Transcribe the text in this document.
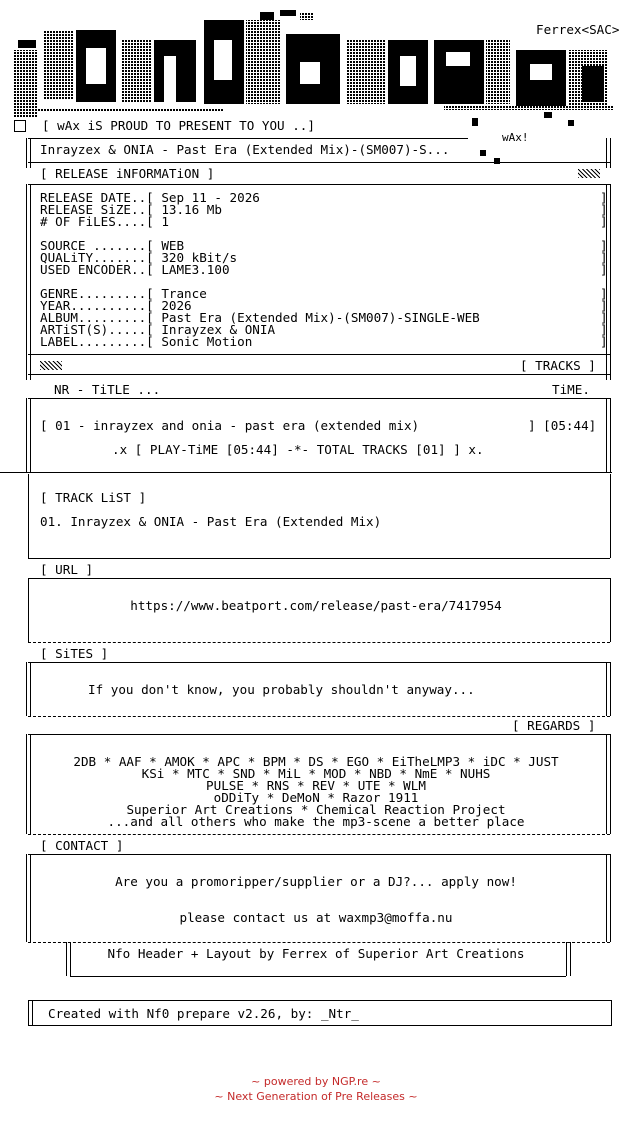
Ferrex<SAC>
[ wAx iS PROUD TO PRESENT TO YOU ..]
wAx!
Inrayzex & ONIA - Past Era (Extended Mix)-(SM007)-S...
[ RELEASE iNFORMATiON ]
RELEASE DATE..[ Sep 11 - 2026
RELEASE SiZE..[ 13.16 Mb
# OF FiLES....[ 1
SOURCE .......[ WEB
QUALiTY.......[ 320 kBit/s
USED ENCODER..[ LAME3.100
GENRE.........[ Trance
YEAR..........[ 2026
ALBUM.........[ Past Era (Extended Mix)-(SM007)-SINGLE-WEB
ARTiST(S).....[ Inrayzex & ONIA
LABEL.........[ Sonic Motion
]
]
]

]
]
]

]
]
]
]
]
[ TRACKS ]
NR - TiTLE ...	TiME.
[ 01 - inrayzex and onia - past era (extended mix)	] [05:44]
.x [ PLAY-TiME [05:44] -*- TOTAL TRACKS [01] ] x.
[ TRACK LiST ]
01. Inrayzex & ONIA - Past Era (Extended Mix)
[ URL ]
https://www.beatport.com/release/past-era/7417954
[ SiTES ]
If you don't know, you probably shouldn't anyway...
[ REGARDS ]
2DB * AAF * AMOK * APC * BPM * DS * EGO * EiTheLMP3 * iDC * JUST
KSi * MTC * SND * MiL * MOD * NBD * NmE * NUHS
PULSE * RNS * REV * UTE * WLM
oDDiTy * DeMoN * Razor 1911
Superior Art Creations * Chemical Reaction Project
...and all others who make the mp3-scene a better place
[ CONTACT ]
Are you a promoripper/supplier or a DJ?... apply now!
please contact us at waxmp3@moffa.nu
Nfo Header + Layout by Ferrex of Superior Art Creations
Created with Nf0 prepare v2.26, by: _Ntr_
~ powered by NGP.re ~
~ Next Generation of Pre Releases ~
